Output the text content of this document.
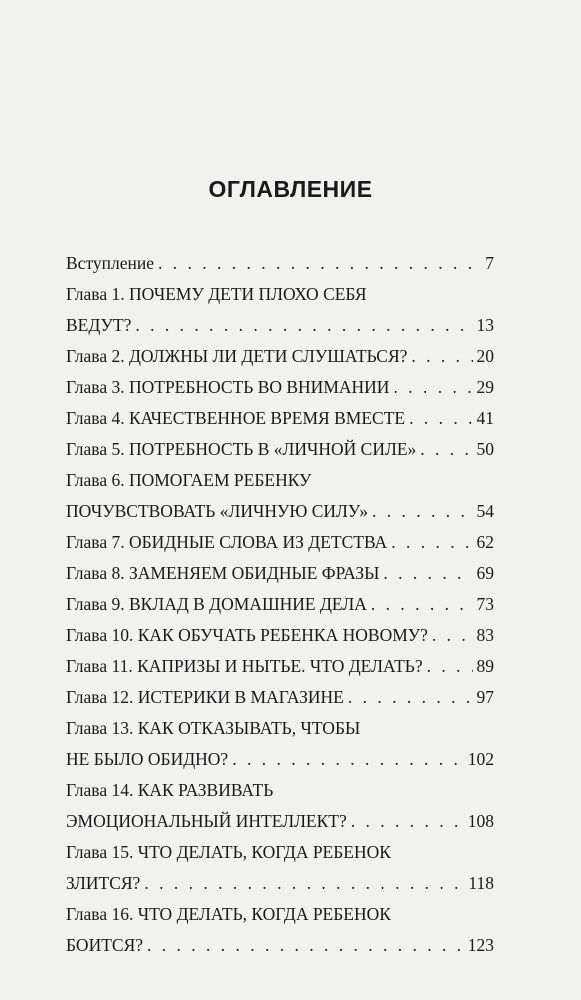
ОГЛАВЛЕНИЕ
Вступление . . .	7
Глава 1. ПОЧЕМУ ДЕТИ ПЛОХО СЕБЯ
ВЕДУТ? . . .	13
Глава 2. ДОЛЖНЫ ЛИ ДЕТИ СЛУШАТЬСЯ? . . .	20
Глава 3. ПОТРЕБНОСТЬ ВО ВНИМАНИИ . . .	29
Глава 4. КАЧЕСТВЕННОЕ ВРЕМЯ ВМЕСТЕ . . .	41
Глава 5. ПОТРЕБНОСТЬ В «ЛИЧНОЙ СИЛЕ» . . .	50
Глава 6. ПОМОГАЕМ РЕБЕНКУ
ПОЧУВСТВОВАТЬ «ЛИЧНУЮ СИЛУ» . . .	54
Глава 7. ОБИДНЫЕ СЛОВА ИЗ ДЕТСТВА . . .	62
Глава 8. ЗАМЕНЯЕМ ОБИДНЫЕ ФРАЗЫ . . .	69
Глава 9. ВКЛАД В ДОМАШНИЕ ДЕЛА . . .	73
Глава 10. КАК ОБУЧАТЬ РЕБЕНКА НОВОМУ? . . .	83
Глава 11. КАПРИЗЫ И НЫТЬЕ. ЧТО ДЕЛАТЬ? . . .	89
Глава 12. ИСТЕРИКИ В МАГАЗИНЕ . . .	97
Глава 13. КАК ОТКАЗЫВАТЬ, ЧТОБЫ
НЕ БЫЛО ОБИДНО? . . .	102
Глава 14. КАК РАЗВИВАТЬ
ЭМОЦИОНАЛЬНЫЙ ИНТЕЛЛЕКТ? . . .	108
Глава 15. ЧТО ДЕЛАТЬ, КОГДА РЕБЕНОК
ЗЛИТСЯ? . . .	118
Глава 16. ЧТО ДЕЛАТЬ, КОГДА РЕБЕНОК
БОИТСЯ? . . .	123
